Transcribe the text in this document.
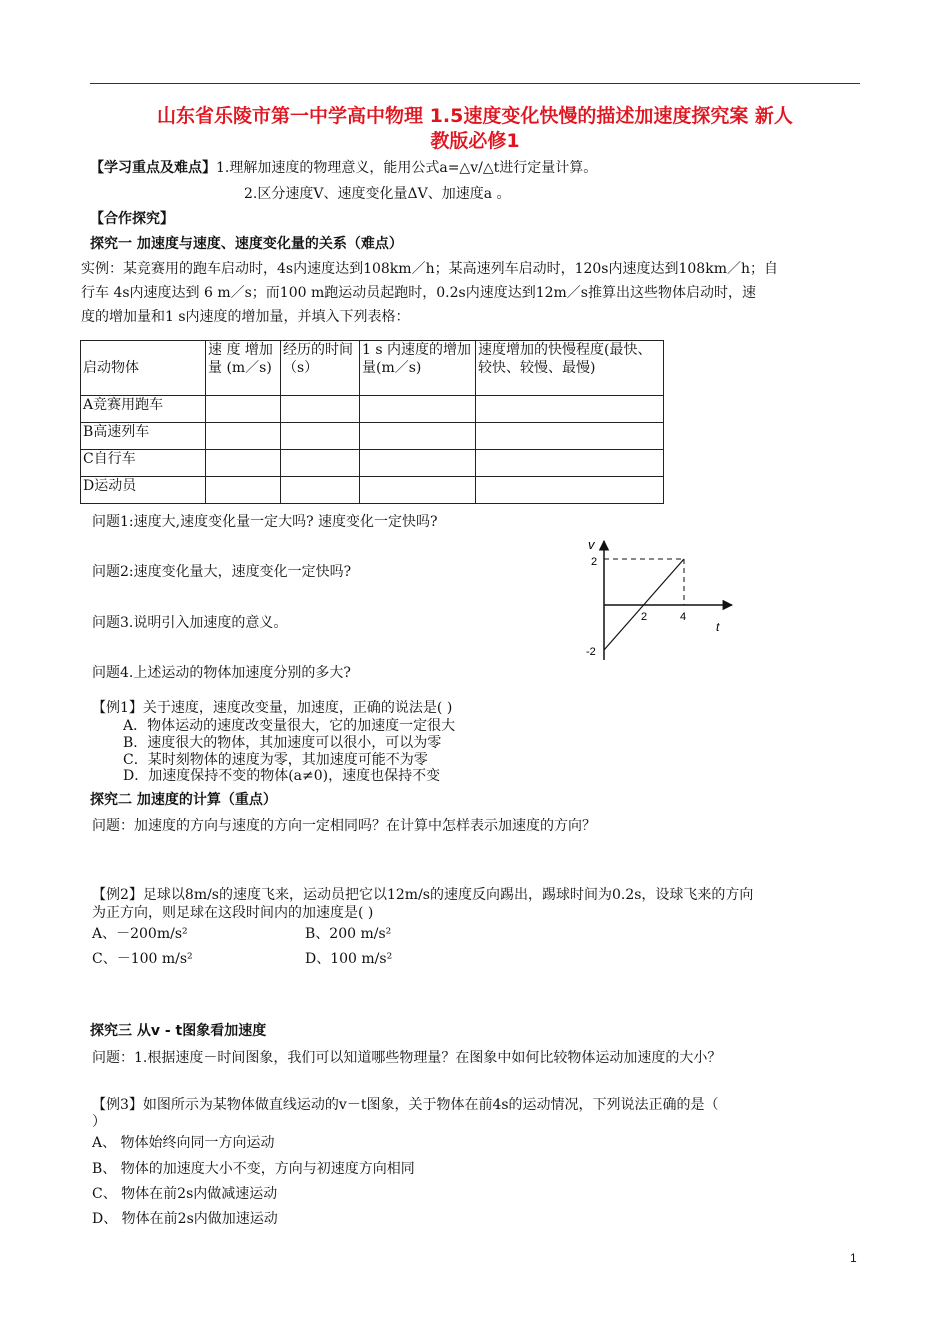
山东省乐陵市第一中学高中物理 1.5速度变化快慢的描述加速度探究案 新人
教版必修1
【学习重点及难点】1.理解加速度的物理意义，能用公式a=△v/△t进行定量计算。
2.区分速度V、速度变化量ΔV、加速度a 。
【合作探究】
探究一 加速度与速度、速度变化量的关系（难点）
实例：某竞赛用的跑车启动时，4s内速度达到108km／h；某高速列车启动时，120s内速度达到108km／h；自
行车 4s内速度达到 6 m／s；而100 m跑运动员起跑时，0.2s内速度达到12m／s推算出这些物体启动时，速
度的增加量和1 s内速度的增加量，并填入下列表格：
启动物体	速 度 增加 量 (m／s)	经历的时间（s）	1 s 内速度的增加量(m／s)	速度增加的快慢程度(最快、较快、较慢、最慢)
A竞赛用跑车				
B高速列车				
C自行车				
D运动员				
问题1:速度大,速度变化量一定大吗? 速度变化一定快吗?
问题2:速度变化量大，速度变化一定快吗?
问题3.说明引入加速度的意义。
问题4.上述运动的物体加速度分别的多大?
v
2
-2
2	4
t
【例1】关于速度，速度改变量，加速度，正确的说法是( )
A．物体运动的速度改变量很大，它的加速度一定很大
B．速度很大的物体，其加速度可以很小，可以为零
C．某时刻物体的速度为零，其加速度可能不为零
D．加速度保持不变的物体(a≠0)，速度也保持不变
探究二 加速度的计算（重点）
问题：加速度的方向与速度的方向一定相同吗？在计算中怎样表示加速度的方向？
【例2】足球以8m/s的速度飞来，运动员把它以12m/s的速度反向踢出，踢球时间为0.2s，设球飞来的方向
为正方向，则足球在这段时间内的加速度是( )
A、－200m/s²	B、200 m/s²
C、－100 m/s²	D、100 m/s²
探究三 从v - t图象看加速度
问题：1.根据速度－时间图象，我们可以知道哪些物理量？在图象中如何比较物体运动加速度的大小？
【例3】如图所示为某物体做直线运动的v－t图象，关于物体在前4s的运动情况，下列说法正确的是（
）
A、 物体始终向同一方向运动
B、 物体的加速度大小不变，方向与初速度方向相同
C、 物体在前2s内做减速运动
D、 物体在前2s内做加速运动
1
